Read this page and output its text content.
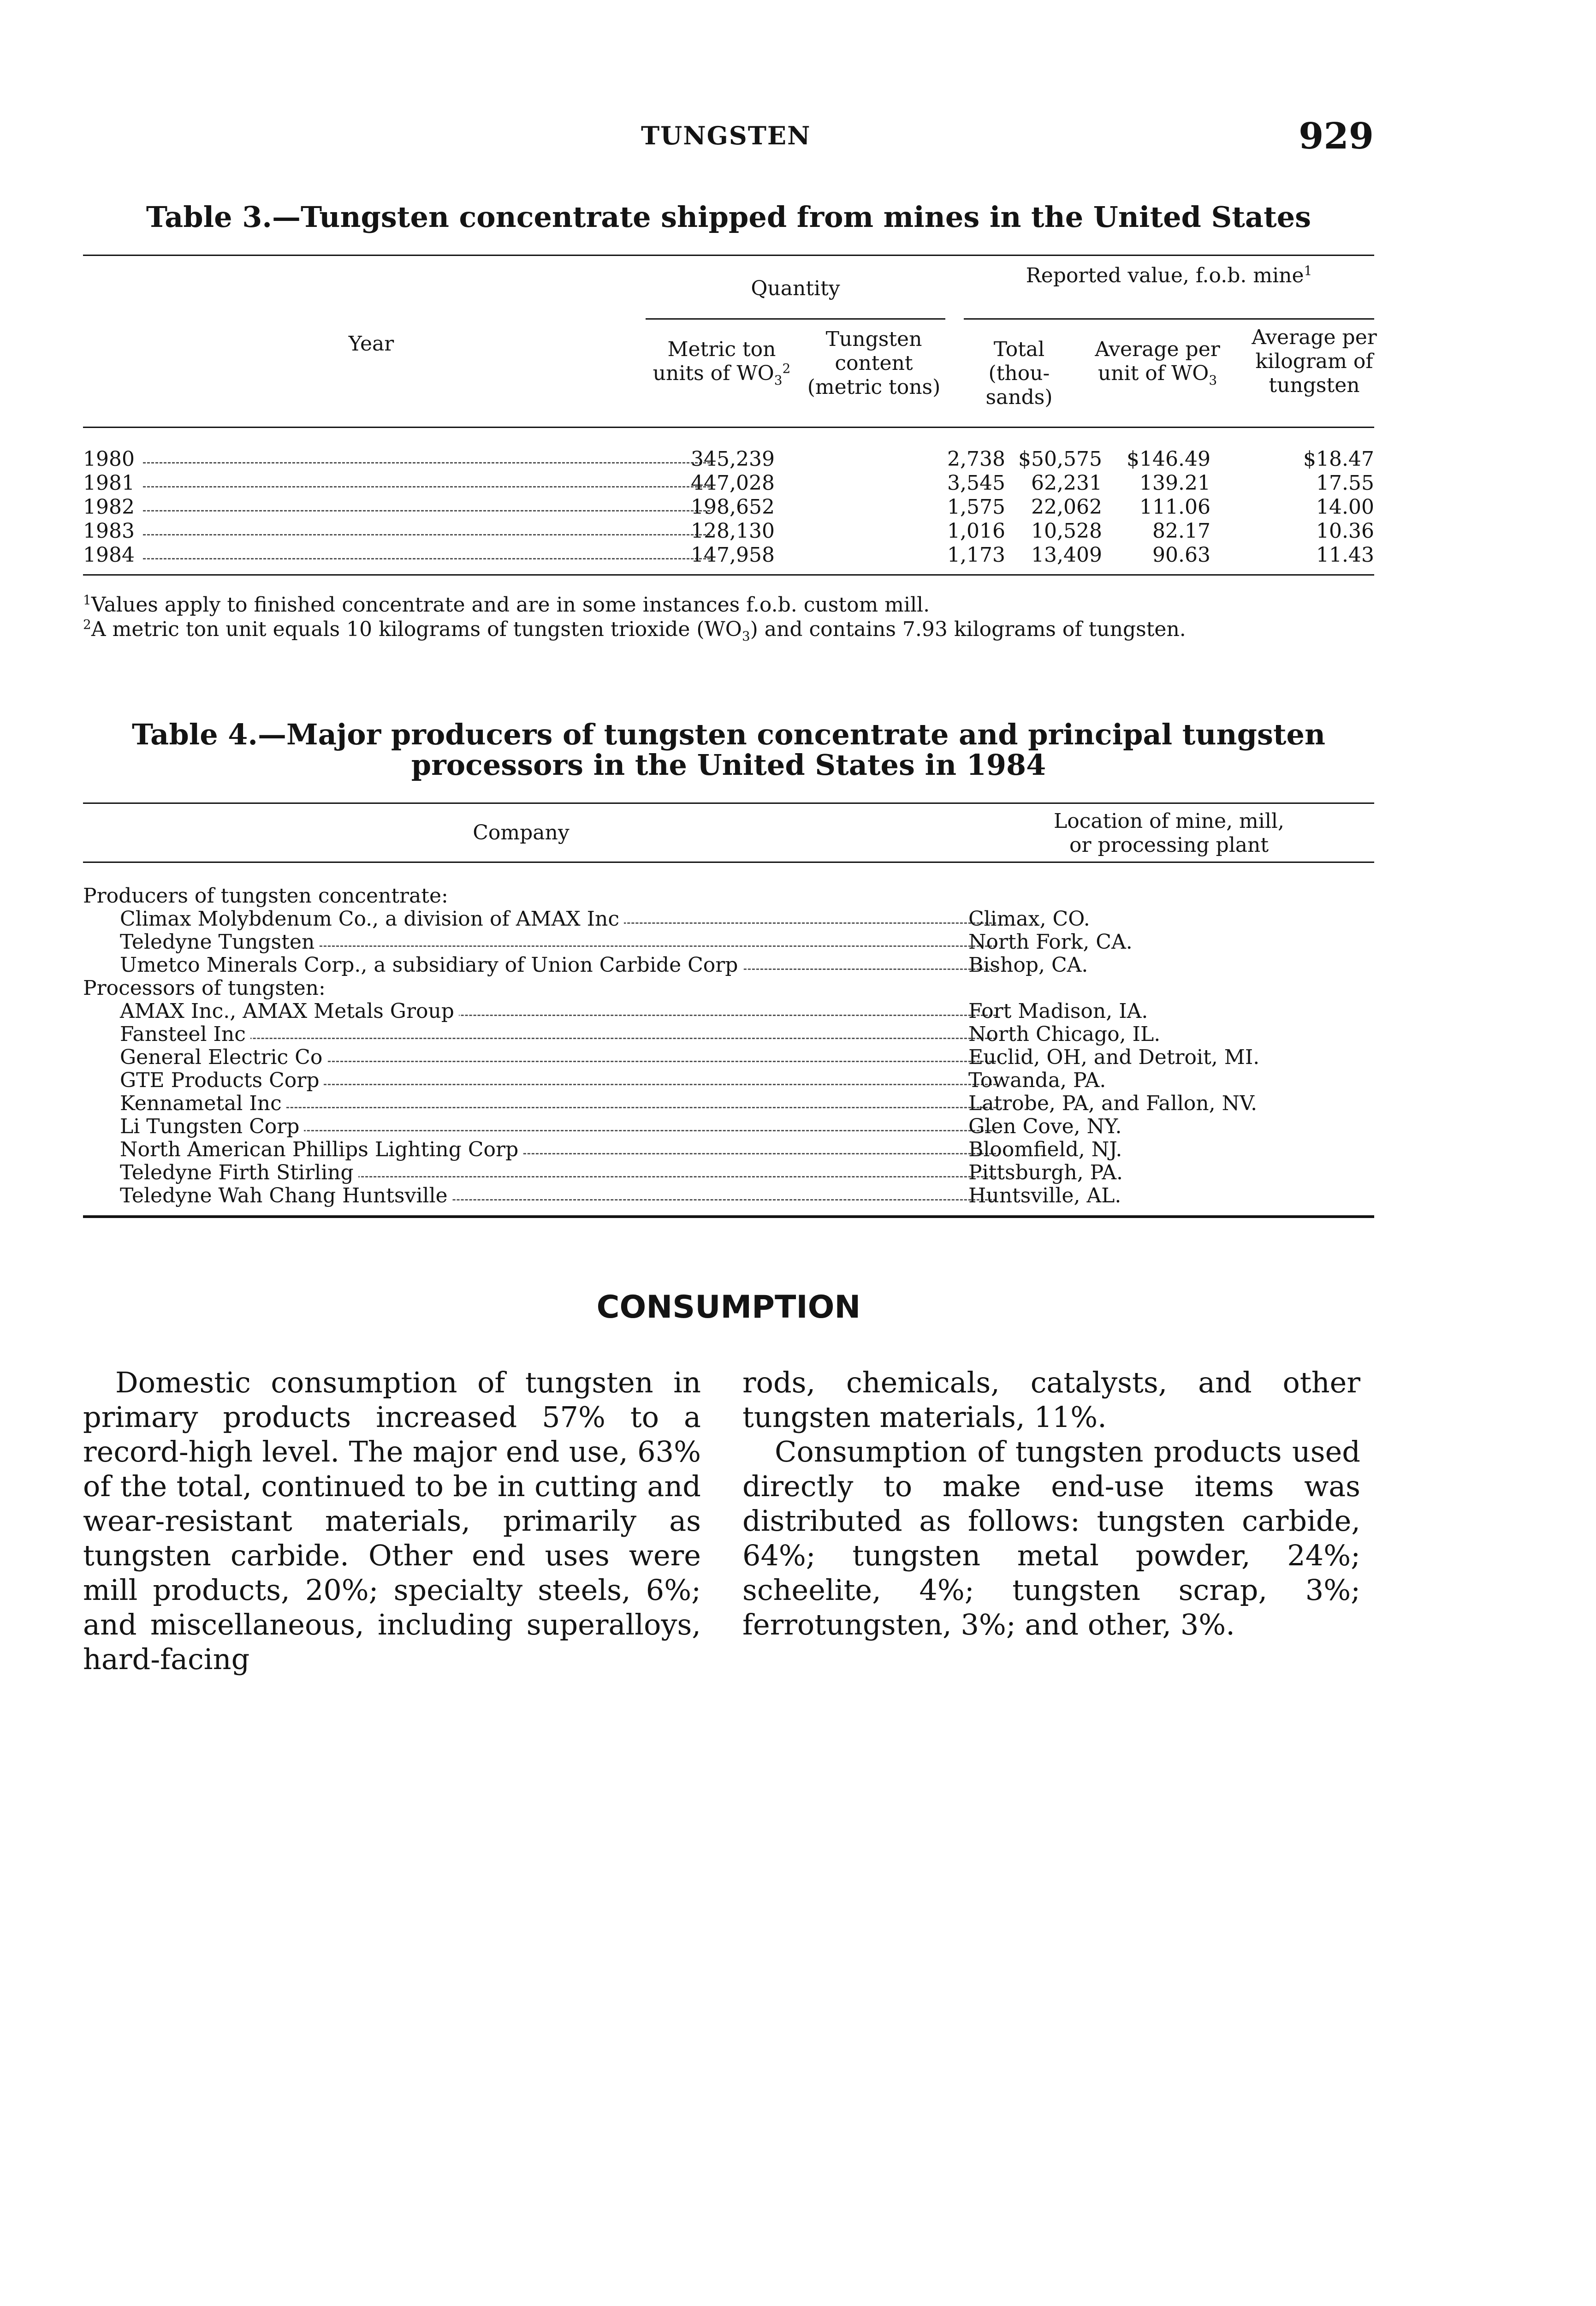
TUNGSTEN	929
Table 3.—Tungsten concentrate shipped from mines in the United States
Quantity
Reported value, f.o.b. mine$^1$
Year	Metric ton units of $WO_3^2$
Tungsten content (metric tons)
Total (thou- sands)
Average per unit of $WO_3$
Average per kilogram of tungsten
1980	345,239	2,738 $50,575 $146.49	$18.47
1981	447,028	3,545 62,231 139.21	17.55
1982	198,652	1,575 22,062 111.06	14.00
1983	128,130	1,016 10,528 82.17	10.36
1984	147,958	1,173 13,409 90.63	11.43
$^1$Values apply to finished concentrate and are in some instances f.o.b. custom mill.
$^2$A metric ton unit equals 10 kilograms of tungsten trioxide $(WO_3)$ and contains 7.93 kilograms of tungsten.
Table 4.—Major producers of tungsten concentrate and principal tungsten
processors in the United States in 1984
Company	Location of mine, mill,
or processing plant
Producers of tungsten concentrate:
Climax Molybdenum Co., a division of AMAX Inc	Climax, CO.
Teledyne Tungsten	North Fork, CA.
Umetco Minerals Corp., a subsidiary of Union Carbide Corp	Bishop, CA.
Processors of tungsten:
AMAX Inc., AMAX Metals Group	Fort Madison, IA.
Fansteel Inc	North Chicago, IL.
General Electric Co	Euclid, OH, and Detroit, MI.
GTE Products Corp	Towanda, PA.
Kennametal Inc	Latrobe, PA, and Fallon, NV.
Li Tungsten Corp	Glen Cove, NY.
North American Phillips Lighting Corp	Bloomfield, NJ.
Teledyne Firth Stirling	Pittsburgh, PA.
Teledyne Wah Chang Huntsville	Huntsville, AL.
CONSUMPTION

Domestic consumption of tungsten in primary products increased 57% to a record-high level. The major end use, 63% of the total, continued to be in cutting and wear-resistant materials, primarily as tungsten carbide. Other end uses were mill products, 20%; specialty steels, 6%; and miscellaneous, including superalloys, hard-facing

rods, chemicals, catalysts, and other tungsten materials, 11%.

Consumption of tungsten products used directly to make end-use items was distributed as follows: tungsten carbide, 64%; tungsten metal powder, 24%; scheelite, 4%; tungsten scrap, 3%; ferrotungsten, 3%; and other, 3%.
